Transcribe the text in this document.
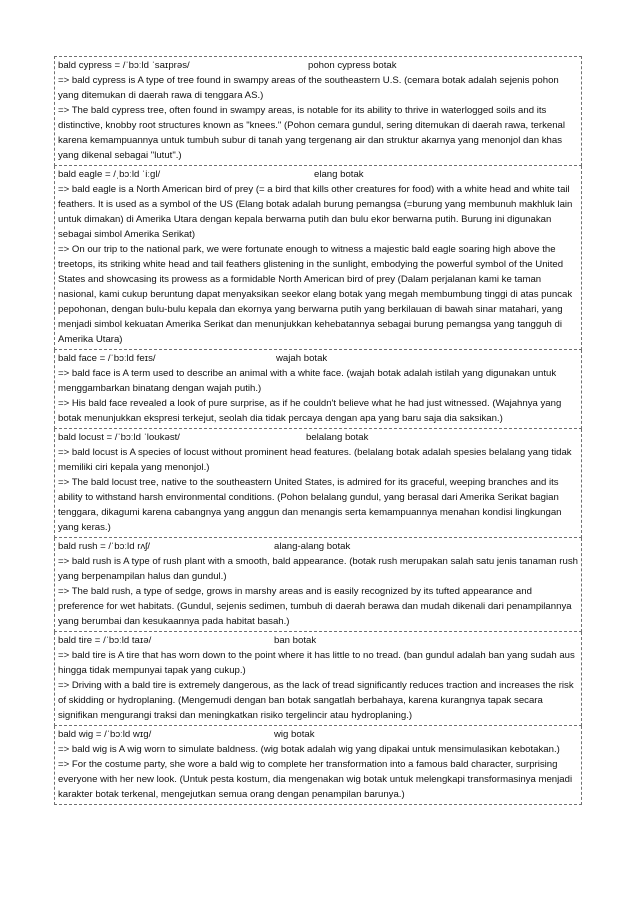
bald cypress = /ˈbɔːld ˈsaɪprəs/	pohon cypress botak
=> bald cypress is A type of tree found in swampy areas of the southeastern U.S. (cemara botak adalah sejenis pohon yang ditemukan di daerah rawa di tenggara AS.)
=> The bald cypress tree, often found in swampy areas, is notable for its ability to thrive in waterlogged soils and its distinctive, knobby root structures known as "knees." (Pohon cemara gundul, sering ditemukan di daerah rawa, terkenal karena kemampuannya untuk tumbuh subur di tanah yang tergenang air dan struktur akarnya yang menonjol dan khas yang dikenal sebagai "lutut".)
bald eagle = /ˌbɔːld ˈiːɡl/	elang botak
=> bald eagle is a North American bird of prey (= a bird that kills other creatures for food) with a white head and white tail feathers. It is used as a symbol of the US (Elang botak adalah burung pemangsa (=burung yang membunuh makhluk lain untuk dimakan) di Amerika Utara dengan kepala berwarna putih dan bulu ekor berwarna putih. Burung ini digunakan sebagai simbol Amerika Serikat)
=> On our trip to the national park, we were fortunate enough to witness a majestic bald eagle soaring high above the treetops, its striking white head and tail feathers glistening in the sunlight, embodying the powerful symbol of the United States and showcasing its prowess as a formidable North American bird of prey (Dalam perjalanan kami ke taman nasional, kami cukup beruntung dapat menyaksikan seekor elang botak yang megah membumbung tinggi di atas puncak pepohonan, dengan bulu-bulu kepala dan ekornya yang berwarna putih yang berkilauan di bawah sinar matahari, yang menjadi simbol kekuatan Amerika Serikat dan menunjukkan kehebatannya sebagai burung pemangsa yang tangguh di Amerika Utara)
bald face = /ˈbɔːld feɪs/	wajah botak
=> bald face is A term used to describe an animal with a white face. (wajah botak adalah istilah yang digunakan untuk menggambarkan binatang dengan wajah putih.)
=> His bald face revealed a look of pure surprise, as if he couldn't believe what he had just witnessed. (Wajahnya yang botak menunjukkan ekspresi terkejut, seolah dia tidak percaya dengan apa yang baru saja dia saksikan.)
bald locust = /ˈbɔːld ˈloʊkəst/	belalang botak
=> bald locust is A species of locust without prominent head features. (belalang botak adalah spesies belalang yang tidak memiliki ciri kepala yang menonjol.)
=> The bald locust tree, native to the southeastern United States, is admired for its graceful, weeping branches and its ability to withstand harsh environmental conditions. (Pohon belalang gundul, yang berasal dari Amerika Serikat bagian tenggara, dikagumi karena cabangnya yang anggun dan menangis serta kemampuannya menahan kondisi lingkungan yang keras.)
bald rush = /ˈbɔːld rʌʃ/	alang-alang botak
=> bald rush is A type of rush plant with a smooth, bald appearance. (botak rush merupakan salah satu jenis tanaman rush yang berpenampilan halus dan gundul.)
=> The bald rush, a type of sedge, grows in marshy areas and is easily recognized by its tufted appearance and preference for wet habitats. (Gundul, sejenis sedimen, tumbuh di daerah berawa dan mudah dikenali dari penampilannya yang berumbai dan kesukaannya pada habitat basah.)
bald tire = /ˈbɔːld taɪə/	ban botak
=> bald tire is A tire that has worn down to the point where it has little to no tread. (ban gundul adalah ban yang sudah aus hingga tidak mempunyai tapak yang cukup.)
=> Driving with a bald tire is extremely dangerous, as the lack of tread significantly reduces traction and increases the risk of skidding or hydroplaning. (Mengemudi dengan ban botak sangatlah berbahaya, karena kurangnya tapak secara signifikan mengurangi traksi dan meningkatkan risiko tergelincir atau hydroplaning.)
bald wig = /ˈbɔːld wɪɡ/	wig botak
=> bald wig is A wig worn to simulate baldness. (wig botak adalah wig yang dipakai untuk mensimulasikan kebotakan.)
=> For the costume party, she wore a bald wig to complete her transformation into a famous bald character, surprising everyone with her new look. (Untuk pesta kostum, dia mengenakan wig botak untuk melengkapi transformasinya menjadi karakter botak terkenal, mengejutkan semua orang dengan penampilan barunya.)
